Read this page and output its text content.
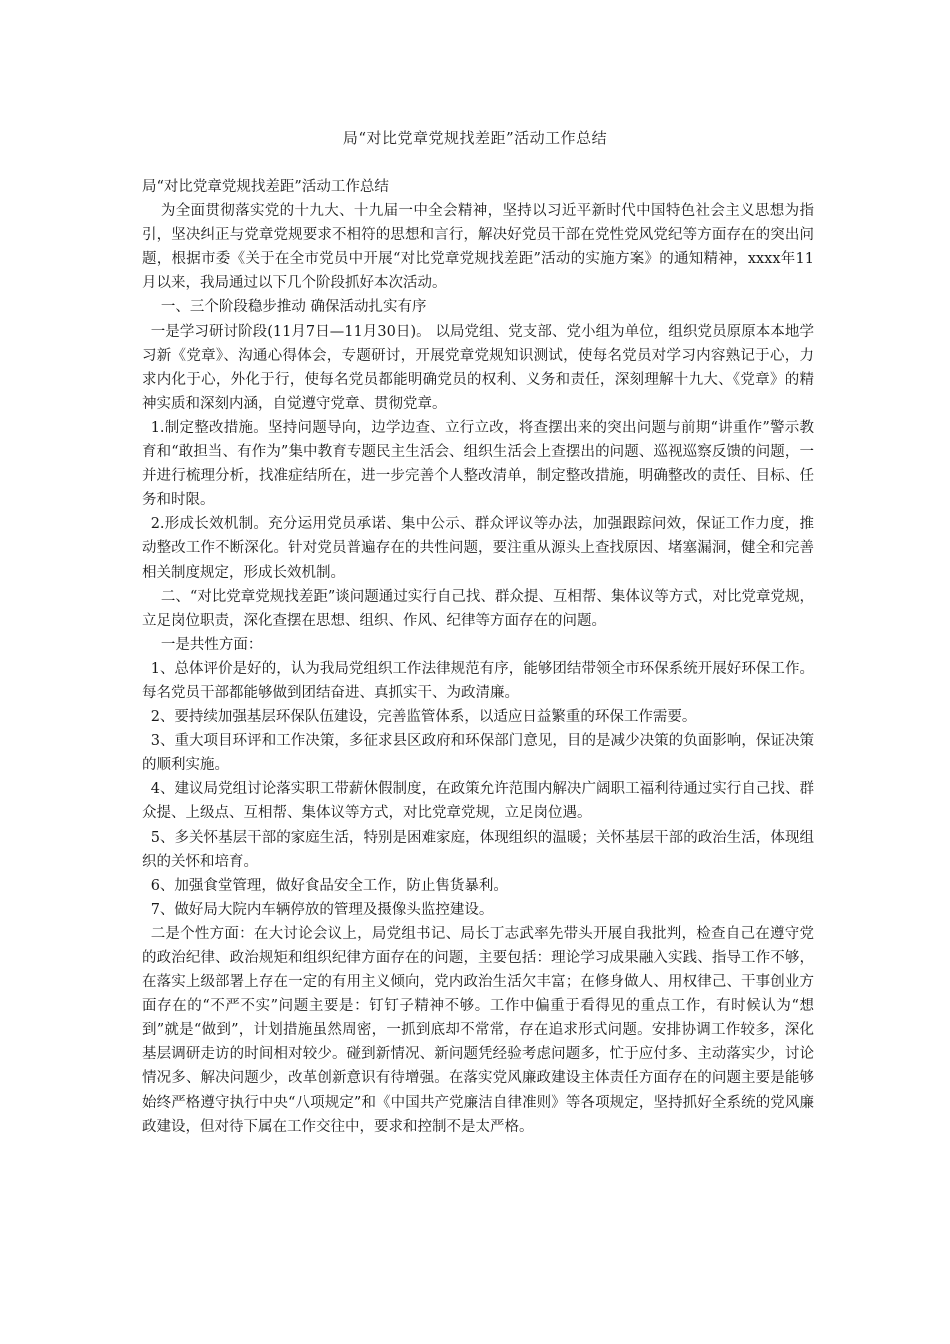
局“对比党章党规找差距”活动工作总结

局“对比党章党规找差距”活动工作总结

为全面贯彻落实党的十九大、十九届一中全会精神，坚持以习近平新时代中国特色社会主义思想为指引，坚决纠正与党章党规要求不相符的思想和言行，解决好党员干部在党性党风党纪等方面存在的突出问题，根据市委《关于在全市党员中开展“对比党章党规找差距”活动的实施方案》的通知精神，xxxx年11月以来，我局通过以下几个阶段抓好本次活动。

一、三个阶段稳步推动 确保活动扎实有序

一是学习研讨阶段(11月7日—11月30日)。 以局党组、党支部、党小组为单位，组织党员原原本本地学习新《党章》、沟通心得体会，专题研讨，开展党章党规知识测试，使每名党员对学习内容熟记于心，力求内化于心，外化于行，使每名党员都能明确党员的权利、义务和责任，深刻理解十九大、《党章》的精神实质和深刻内涵，自觉遵守党章、贯彻党章。

1.制定整改措施。坚持问题导向，边学边查、立行立改，将查摆出来的突出问题与前期“讲重作”警示教育和“敢担当、有作为”集中教育专题民主生活会、组织生活会上查摆出的问题、巡视巡察反馈的问题，一并进行梳理分析，找准症结所在，进一步完善个人整改清单，制定整改措施，明确整改的责任、目标、任务和时限。

2.形成长效机制。充分运用党员承诺、集中公示、群众评议等办法，加强跟踪问效，保证工作力度，推动整改工作不断深化。针对党员普遍存在的共性问题，要注重从源头上查找原因、堵塞漏洞，健全和完善相关制度规定，形成长效机制。

二、“对比党章党规找差距”谈问题通过实行自己找、群众提、互相帮、集体议等方式，对比党章党规，立足岗位职责，深化查摆在思想、组织、作风、纪律等方面存在的问题。

一是共性方面：

1、总体评价是好的，认为我局党组织工作法律规范有序，能够团结带领全市环保系统开展好环保工作。每名党员干部都能够做到团结奋进、真抓实干、为政清廉。

2、要持续加强基层环保队伍建设，完善监管体系，以适应日益繁重的环保工作需要。

3、重大项目环评和工作决策，多征求县区政府和环保部门意见，目的是减少决策的负面影响，保证决策的顺利实施。

4、建议局党组讨论落实职工带薪休假制度，在政策允许范围内解决广阔职工福利待通过实行自己找、群众提、上级点、互相帮、集体议等方式，对比党章党规，立足岗位遇。

5、多关怀基层干部的家庭生活，特别是困难家庭，体现组织的温暖；关怀基层干部的政治生活，体现组织的关怀和培育。

6、加强食堂管理，做好食品安全工作，防止售货暴利。

7、做好局大院内车辆停放的管理及摄像头监控建设。

二是个性方面：在大讨论会议上，局党组书记、局长丁志武率先带头开展自我批判，检查自己在遵守党的政治纪律、政治规矩和组织纪律方面存在的问题，主要包括：理论学习成果融入实践、指导工作不够，在落实上级部署上存在一定的有用主义倾向，党内政治生活欠丰富；在修身做人、用权律己、干事创业方面存在的“不严不实”问题主要是：钉钉子精神不够。工作中偏重于看得见的重点工作，有时候认为“想到”就是“做到”，计划措施虽然周密，一抓到底却不常常，存在追求形式问题。安排协调工作较多，深化基层调研走访的时间相对较少。碰到新情况、新问题凭经验考虑问题多，忙于应付多、主动落实少，讨论情况多、解决问题少，改革创新意识有待增强。在落实党风廉政建设主体责任方面存在的问题主要是能够始终严格遵守执行中央“八项规定”和《中国共产党廉洁自律准则》等各项规定，坚持抓好全系统的党风廉政建设，但对待下属在工作交往中，要求和控制不是太严格。
